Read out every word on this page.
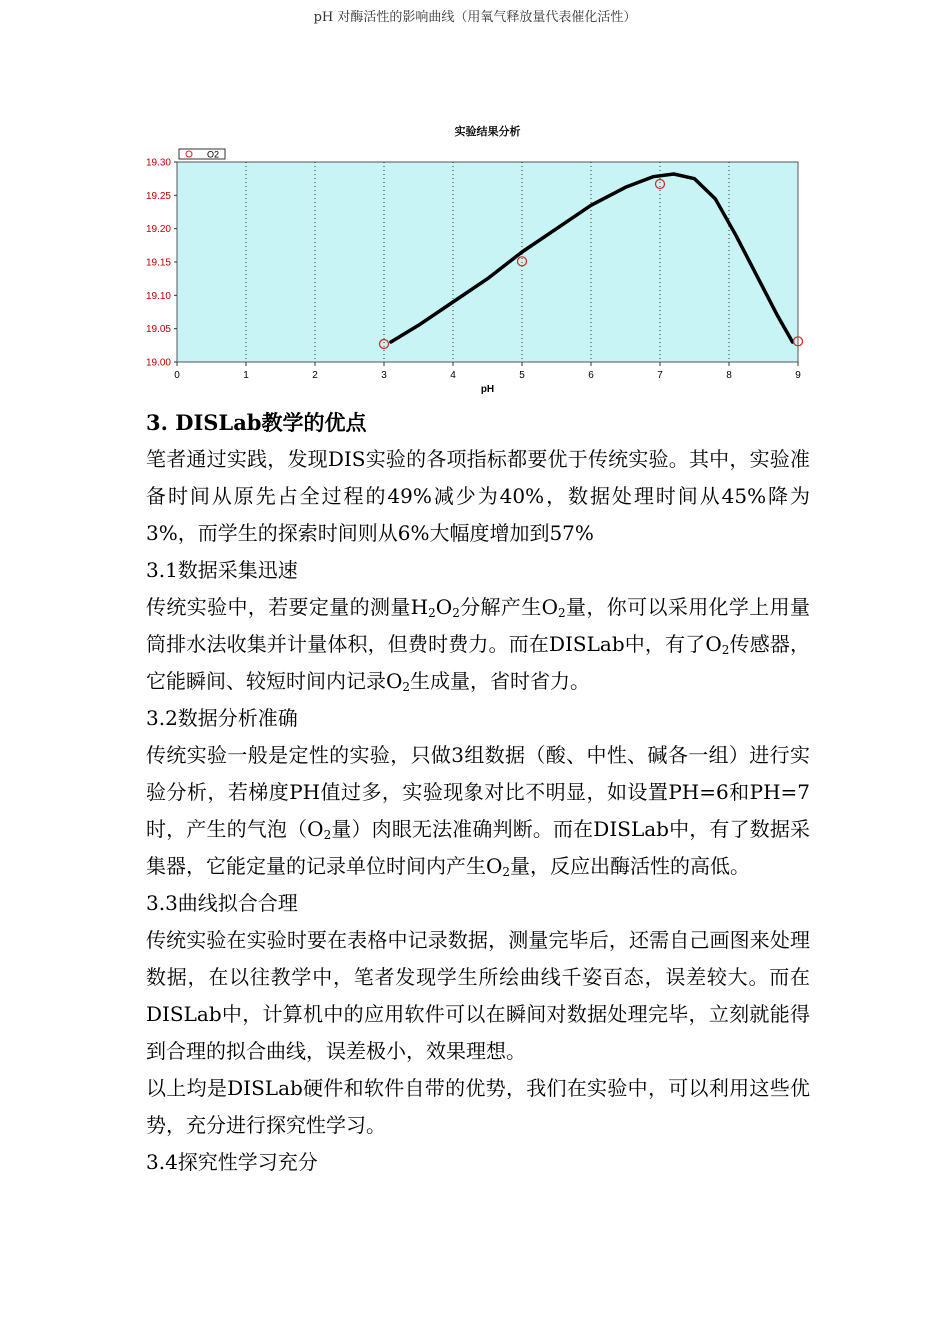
pH 对酶活性的影响曲线（用氧气释放量代表催化活性）
实验结果分析
0	1	2	3	4	5	6	7	8	9
19.00
19.05
19.10
19.15
19.20
19.25
19.30
pH
O2

3. DISLab教学的优点

笔者通过实践，发现DIS实验的各项指标都要优于传统实验。其中，实验准备时间从原先占全过程的49%减少为40%，数据处理时间从45%降为3%，而学生的探索时间则从6%大幅度增加到57%

3.1数据采集迅速

传统实验中，若要定量的测量$H_2O_2$分解产生$O_2$量，你可以采用化学上用量筒排水法收集并计量体积，但费时费力。而在DISLab中，有了$O_2$传感器，它能瞬间、较短时间内记录$O_2$生成量，省时省力。

3.2数据分析准确

传统实验一般是定性的实验，只做3组数据（酸、中性、碱各一组）进行实验分析，若梯度PH值过多，实验现象对比不明显，如设置PH=6和PH=7时，产生的气泡（$O_2$量）肉眼无法准确判断。而在DISLab中，有了数据采集器，它能定量的记录单位时间内产生$O_2$量，反应出酶活性的高低。

3.3曲线拟合合理

传统实验在实验时要在表格中记录数据，测量完毕后，还需自己画图来处理数据，在以往教学中，笔者发现学生所绘曲线千姿百态，误差较大。而在DISLab中，计算机中的应用软件可以在瞬间对数据处理完毕，立刻就能得到合理的拟合曲线，误差极小，效果理想。

以上均是DISLab硬件和软件自带的优势，我们在实验中，可以利用这些优势，充分进行探究性学习。

3.4探究性学习充分
